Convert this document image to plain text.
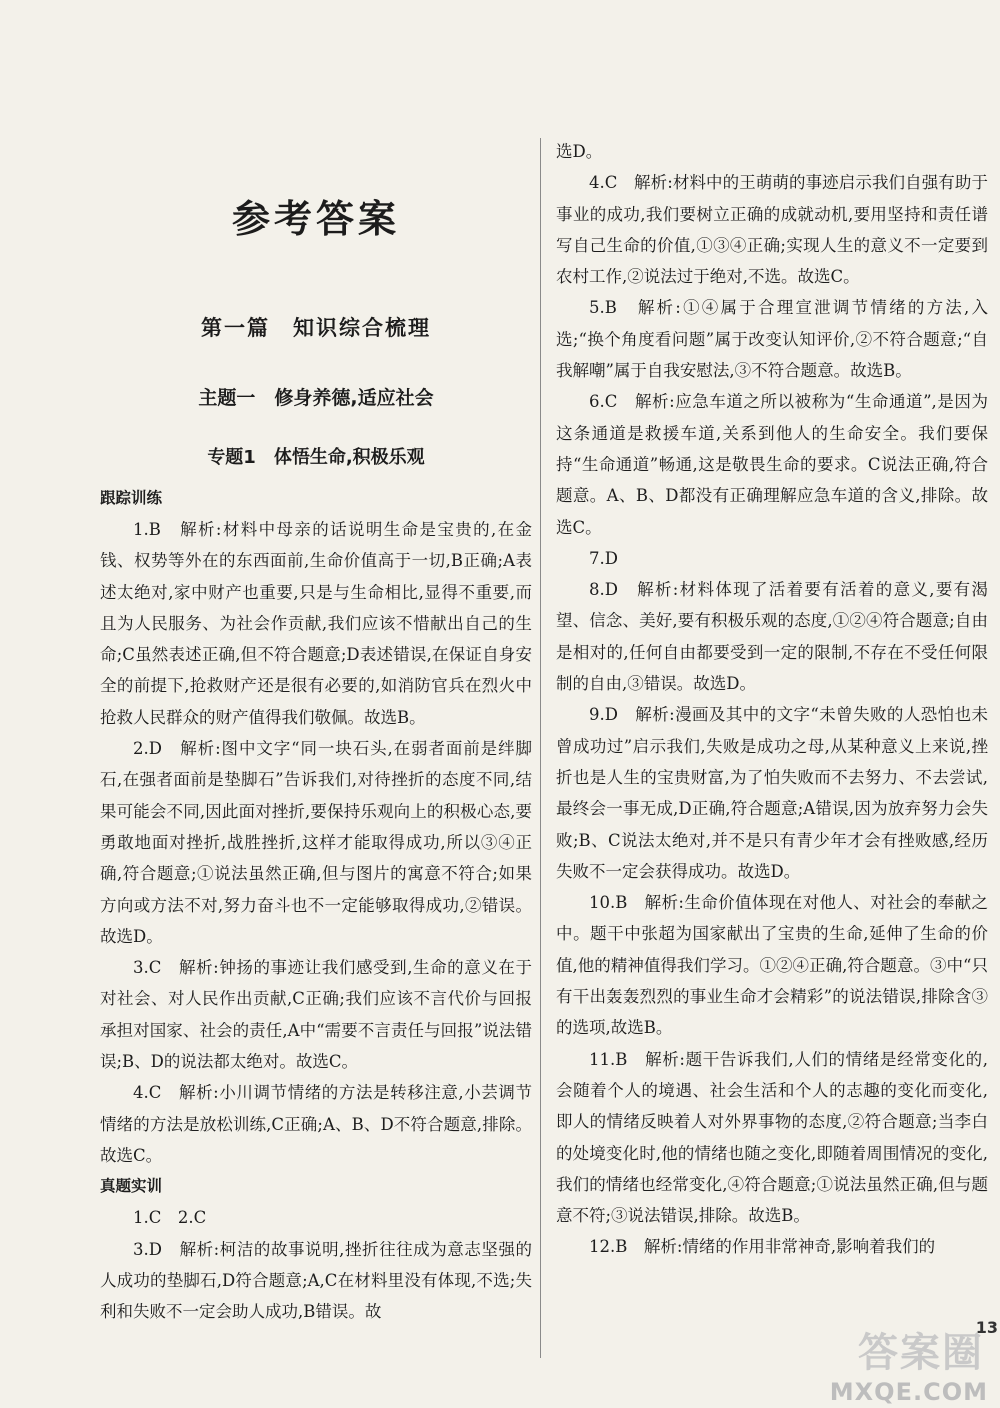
参考答案
第一篇　知识综合梳理
主题一　修身养德,适应社会
专题1　体悟生命,积极乐观
跟踪训练

1.B　解析:材料中母亲的话说明生命是宝贵的,在金钱、权势等外在的东西面前,生命价值高于一切,B正确;A表述太绝对,家中财产也重要,只是与生命相比,显得不重要,而且为人民服务、为社会作贡献,我们应该不惜献出自己的生命;C虽然表述正确,但不符合题意;D表述错误,在保证自身安全的前提下,抢救财产还是很有必要的,如消防官兵在烈火中抢救人民群众的财产值得我们敬佩。故选B。

2.D　解析:图中文字“同一块石头,在弱者面前是绊脚石,在强者面前是垫脚石”告诉我们,对待挫折的态度不同,结果可能会不同,因此面对挫折,要保持乐观向上的积极心态,要勇敢地面对挫折,战胜挫折,这样才能取得成功,所以③④正确,符合题意;①说法虽然正确,但与图片的寓意不符合;如果方向或方法不对,努力奋斗也不一定能够取得成功,②错误。故选D。

3.C　解析:钟扬的事迹让我们感受到,生命的意义在于对社会、对人民作出贡献,C正确;我们应该不言代价与回报承担对国家、社会的责任,A中“需要不言责任与回报”说法错误;B、D的说法都太绝对。故选C。

4.C　解析:小川调节情绪的方法是转移注意,小芸调节情绪的方法是放松训练,C正确;A、B、D不符合题意,排除。故选C。

真题实训

1.C　2.C

3.D　解析:柯洁的故事说明,挫折往往成为意志坚强的人成功的垫脚石,D符合题意;A,C在材料里没有体现,不选;失利和失败不一定会助人成功,B错误。故

选D。

4.C　解析:材料中的王萌萌的事迹启示我们自强有助于事业的成功,我们要树立正确的成就动机,要用坚持和责任谱写自己生命的价值,①③④正确;实现人生的意义不一定要到农村工作,②说法过于绝对,不选。故选C。

5.B　解析:①④属于合理宣泄调节情绪的方法,入选;“换个角度看问题”属于改变认知评价,②不符合题意;“自我解嘲”属于自我安慰法,③不符合题意。故选B。

6.C　解析:应急车道之所以被称为“生命通道”,是因为这条通道是救援车道,关系到他人的生命安全。我们要保持“生命通道”畅通,这是敬畏生命的要求。C说法正确,符合题意。A、B、D都没有正确理解应急车道的含义,排除。故选C。

7.D

8.D　解析:材料体现了活着要有活着的意义,要有渴望、信念、美好,要有积极乐观的态度,①②④符合题意;自由是相对的,任何自由都要受到一定的限制,不存在不受任何限制的自由,③错误。故选D。

9.D　解析:漫画及其中的文字“未曾失败的人恐怕也未曾成功过”启示我们,失败是成功之母,从某种意义上来说,挫折也是人生的宝贵财富,为了怕失败而不去努力、不去尝试,最终会一事无成,D正确,符合题意;A错误,因为放弃努力会失败;B、C说法太绝对,并不是只有青少年才会有挫败感,经历失败不一定会获得成功。故选D。

10.B　解析:生命价值体现在对他人、对社会的奉献之中。题干中张超为国家献出了宝贵的生命,延伸了生命的价值,他的精神值得我们学习。①②④正确,符合题意。③中“只有干出轰轰烈烈的事业生命才会精彩”的说法错误,排除含③的选项,故选B。

11.B　解析:题干告诉我们,人们的情绪是经常变化的,会随着个人的境遇、社会生活和个人的志趣的变化而变化,即人的情绪反映着人对外界事物的态度,②符合题意;当李白的处境变化时,他的情绪也随之变化,即随着周围情况的变化,我们的情绪也经常变化,④符合题意;①说法虽然正确,但与题意不符;③说法错误,排除。故选B。

12.B　解析:情绪的作用非常神奇,影响着我们的

13
答案圈
MXQE.COM
